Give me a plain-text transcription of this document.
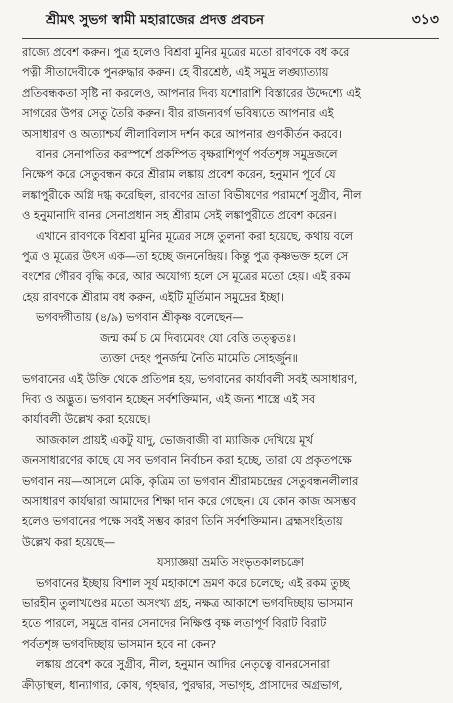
শ্রীমৎ সুভগ স্বামী মহারাজের প্রদত্ত প্রবচন	৩১৩

রাজ্যে প্রবেশ করুন। পুত্র হলেও বিশ্রবা মুনির মূত্রের মতো রাবণকে বধ করে

পত্নী সীতাদেবীকে পুনরুদ্ধার করুন। হে বীরশ্রেষ্ঠ, এই সমুদ্র লঙ্ঘ্যাত্যায়

প্রতিবন্ধকতা সৃষ্টি না করলেও, আপনার দিব্য যশোরাশি বিস্তারের উদ্দেশ্যে এই

সাগরের উপর সেতু তৈরি করুন। বীর রাজন্যবর্গ ভবিষ্যতে আপনার এই

অসাধারণ ও অত্যাশ্চর্য লীলাবিলাস দর্শন করে আপনার গুণকীর্তন করবে।

বানর সেনাপতির করস্পর্শে প্রকম্পিত বৃক্ষরাশিপূর্ণ পর্বতশৃঙ্গ সমুদ্রজলে

নিক্ষেপ করে সেতুবন্ধন করে শ্রীরাম লঙ্কায় প্রবেশ করেন, হনুমান পূর্বে যে

লঙ্কাপুরীকে অগ্নি দগ্ধ করেছিল, রাবণের ভ্রাতা বিভীষণের পরামর্শে সুগ্রীব, নীল

ও হনুমানাদি বানর সেনাপ্রধান সহ শ্রীরাম সেই লঙ্কাপুরীতে প্রবেশ করেন।

এখানে রাবণকে বিশ্রবা মুনির মূত্রের সঙ্গে তুলনা করা হয়েছে, কথায় বলে

পুত্র ও মূত্রের উৎস এক—তা হচ্ছে জননেন্দ্রিয়। কিন্তু পুত্র কৃষ্ণভক্ত হলে সে

বংশের গৌরব বৃদ্ধি করে, আর অযোগ্য হলে সে মূত্রের মতো হেয়। এই রকম

হেয় রাবণকে শ্রীরাম বধ করুন, এইটি মূর্তিমান সমুদ্রের ইচ্ছা।

ভগবদ্গীতায় (৪/৯) ভগবান শ্রীকৃষ্ণ বলেছেন—

জন্ম কর্ম চ মে দিব্যমেবং যো বেত্তি তত্ত্বতঃ।

ত্যক্তা দেহং পুনর্জন্ম নৈতি মামেতি সোহর্জুন॥

ভগবানের এই উক্তি থেকে প্রতিপন্ন হয়, ভগবানের কার্যাবলী সবই অসাধারণ,

দিব্য ও অদ্ভুত। ভগবান হচ্ছেন সর্বশক্তিমান, এই জন্য শাস্ত্রে এই সব

কার্যাবলী উল্লেখ করা হয়েছে।

আজকাল প্রায়ই একটু যাদু, ভোজবাজী বা ম্যাজিক দেখিয়ে মূর্খ

জনসাধারণের কাছে যে সব ভগবান নির্বাচন করা হচ্ছে, তারা যে প্রকৃতপক্ষে

ভগবান নয়—আসলে মেকি, কৃত্রিম তা ভগবান শ্রীরামচন্দ্রের সেতুবন্ধনলীলার

অসাধারণ কার্যদ্বারা আমাদের শিক্ষা দান করে গেছেন। যে কোন কাজ অসম্ভব

হলেও ভগবানের পক্ষে সবই সম্ভব কারণ তিনি সর্বশক্তিমান। ব্রহ্মসংহিতায়

উল্লেখ করা হয়েছে—

যস্যাজ্ঞয়া ভ্রমতি সংভৃতকালচক্রো

ভগবানের ইচ্ছায় বিশাল সূর্য মহাকাশে ভ্রমণ করে চলেছে; এই রকম তুচ্ছ

ভারহীন তুলাখণ্ডের মতো অসংখ্য গ্রহ, নক্ষত্র আকাশে ভগবদিচ্ছায় ভাসমান

হতে পারলে, সমুদ্রে বানর সেনাদের নিক্ষিপ্ত বৃক্ষ লতাপূর্ণ বিরাট বিরাট

পর্বতশৃঙ্গ ভগবদিচ্ছায় ভাসমান হবে না কেন?

লঙ্কায় প্রবেশ করে সুগ্রীব, নীল, হনুমান আদির নেতৃত্বে বানরসেনারা

ক্রীড়াস্থল, ধান্যাগার, কোষ, গৃহদ্বার, পুরদ্বার, সভাগৃহ, প্রাসাদের অগ্রভাগ,
